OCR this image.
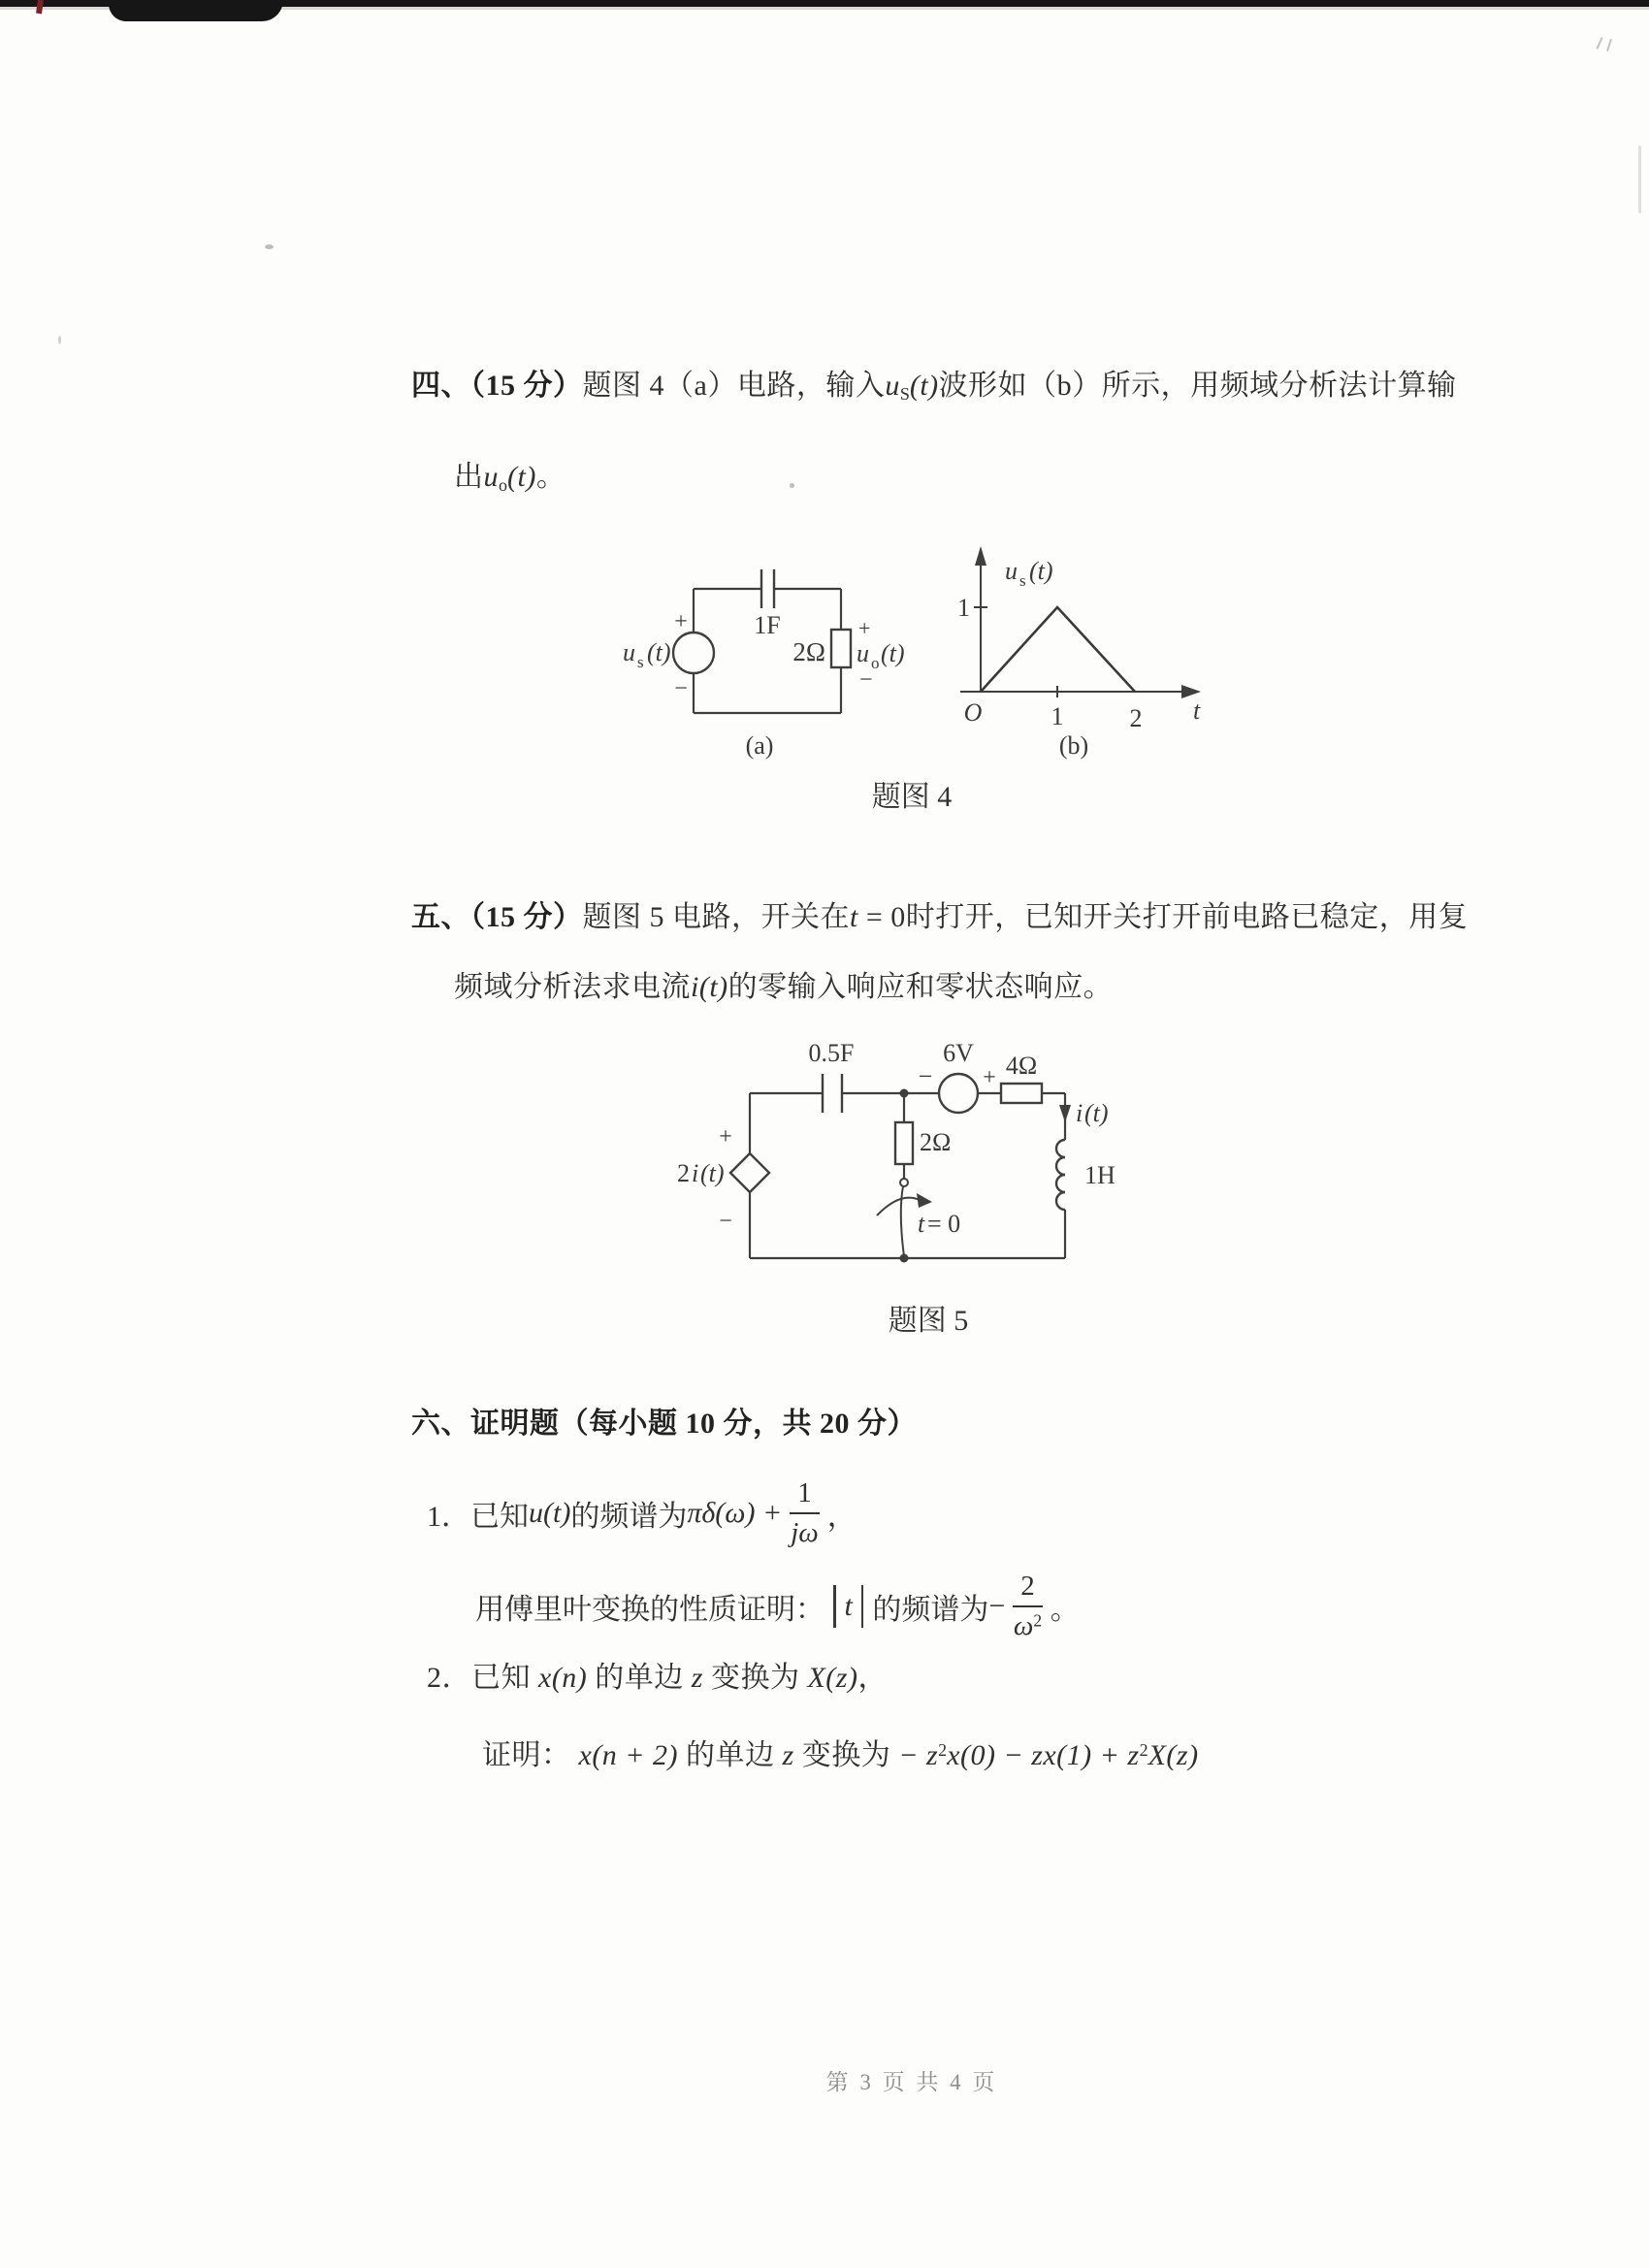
四、（15 分）题图 4（a）电路，输入$u_S(t)$波形如（b）所示，用频域分析法计算输
出$u_o(t)$。
+
−
u s (t)
1F
2Ω
+
u o (t)
−
(a)
u s (t)
1
O	1	2 t
(b)
题图 4
五、（15 分）题图 5 电路，开关在t = 0时打开，已知开关打开前电路已稳定，用复
频域分析法求电流i(t)的零输入响应和零状态响应。
0.5F	6V
− + 4Ω
2Ω
1H
i (t)
2 i (t)
+
−	t = 0
题图 5
六、证明题（每小题 10 分，共 20 分）
1． 已知 u(t) 的频谱为 $\pi\delta(\omega) + \frac{1}{j\omega}$ ，
用傅里叶变换的性质证明： t 的频谱为 − $\frac{2}{\omega^2}$ 。
2．已知 x(n) 的单边 z 变换为 X(z)，
证明： x(n + 2) 的单边 z 变换为 − $z^2x(0) - zx(1) + z^2X(z)$
第 3 页 共 4 页
